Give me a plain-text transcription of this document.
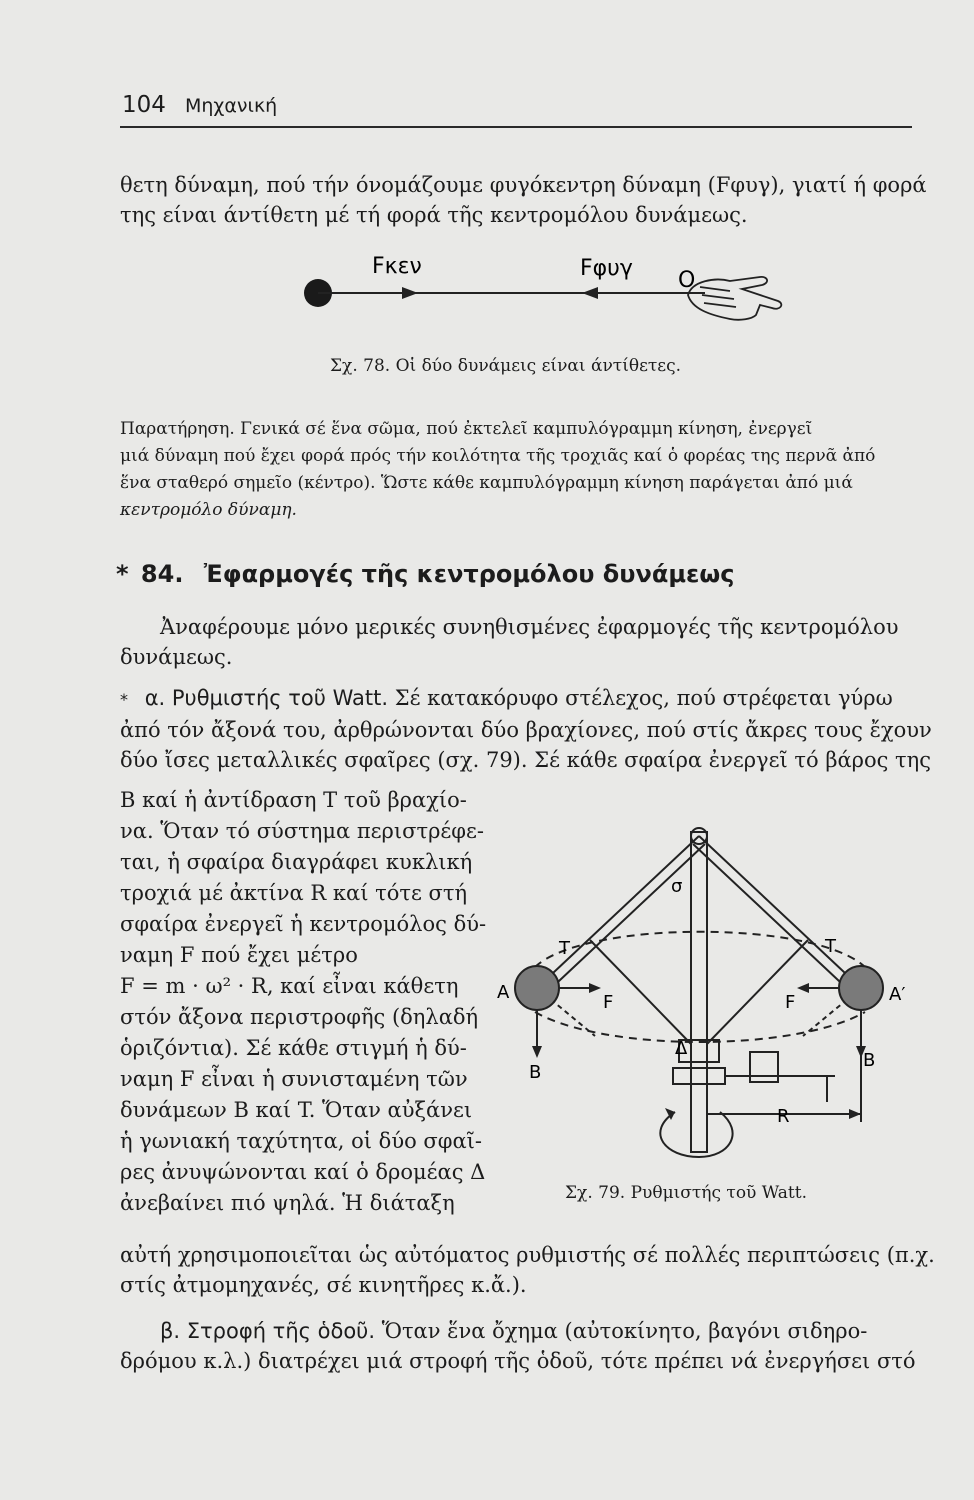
104 Μηχανική
θετη δύναμη, πού τήν όνομάζουμε φυγόκεντρη δύναμη (Fφυγ), γιατί ή φορά
της είναι άντίθετη μέ τή φορά τῆς κεντρομόλου δυνάμεως.
Fκεν	Fφυγ O
Σχ. 78. Οἱ δύο δυνάμεις είναι άντίθετες.
Παρατήρηση. Γενικά σέ ἕνα σῶμα, πού ἐκτελεῖ καμπυλόγραμμη κίνηση, ἐνεργεῖ
μιά δύναμη πού ἔχει φορά πρός τήν κοιλότητα τῆς τροχιᾶς καί ὁ φορέας της περνᾶ ἀπό
ἕνα σταθερό σημεῖο (κέντρο). Ὥστε κάθε καμπυλόγραμμη κίνηση παράγεται ἀπό μιά
κεντρομόλο δύναμη.
* 84. Ἐφαρμογές τῆς κεντρομόλου δυνάμεως
Ἀναφέρουμε μόνο μερικές συνηθισμένες ἐφαρμογές τῆς κεντρομόλου
δυνάμεως.
* α. Ρυθμιστής τοῦ Watt. Σέ κατακόρυφο στέλεχος, πού στρέφεται γύρω
ἀπό τόν ἄξονά του, ἀρθρώνονται δύο βραχίονες, πού στίς ἄκρες τους ἔχουν
δύο ἴσες μεταλλικές σφαῖρες (σχ. 79). Σέ κάθε σφαίρα ἐνεργεῖ τό βάρος της
B καί ἡ ἀντίδραση T τοῦ βραχίο-
να. Ὅταν τό σύστημα περιστρέφε-
ται, ἡ σφαίρα διαγράφει κυκλική
τροχιά μέ ἀκτίνα R καί τότε στή
σφαίρα ἐνεργεῖ ἡ κεντρομόλος δύ-
ναμη F πού ἔχει μέτρο
F = m · ω² · R, καί εἶναι κάθετη
στόν ἄξονα περιστροφῆς (δηλαδή
ὁριζόντια). Σέ κάθε στιγμή ἡ δύ-
ναμη F εἶναι ἡ συνισταμένη τῶν
δυνάμεων B καί T. Ὅταν αὐξάνει
ἡ γωνιακή ταχύτητα, οἱ δύο σφαῖ-
ρες ἀνυψώνονται καί ὁ δρομέας Δ
ἀνεβαίνει πιό ψηλά. Ἡ διάταξη
A	A′
B
B
T	T
F	F
R
σ
Δ
Σχ. 79. Ρυθμιστής τοῦ Watt.
αὐτή χρησιμοποιεῖται ὡς αὐτόματος ρυθμιστής σέ πολλές περιπτώσεις (π.χ.
στίς ἀτμομηχανές, σέ κινητῆρες κ.ἄ.).
β. Στροφή τῆς ὁδοῦ. Ὅταν ἕνα ὄχημα (αὐτοκίνητο, βαγόνι σιδηρο-
δρόμου κ.λ.) διατρέχει μιά στροφή τῆς ὁδοῦ, τότε πρέπει νά ἐνεργήσει στό
